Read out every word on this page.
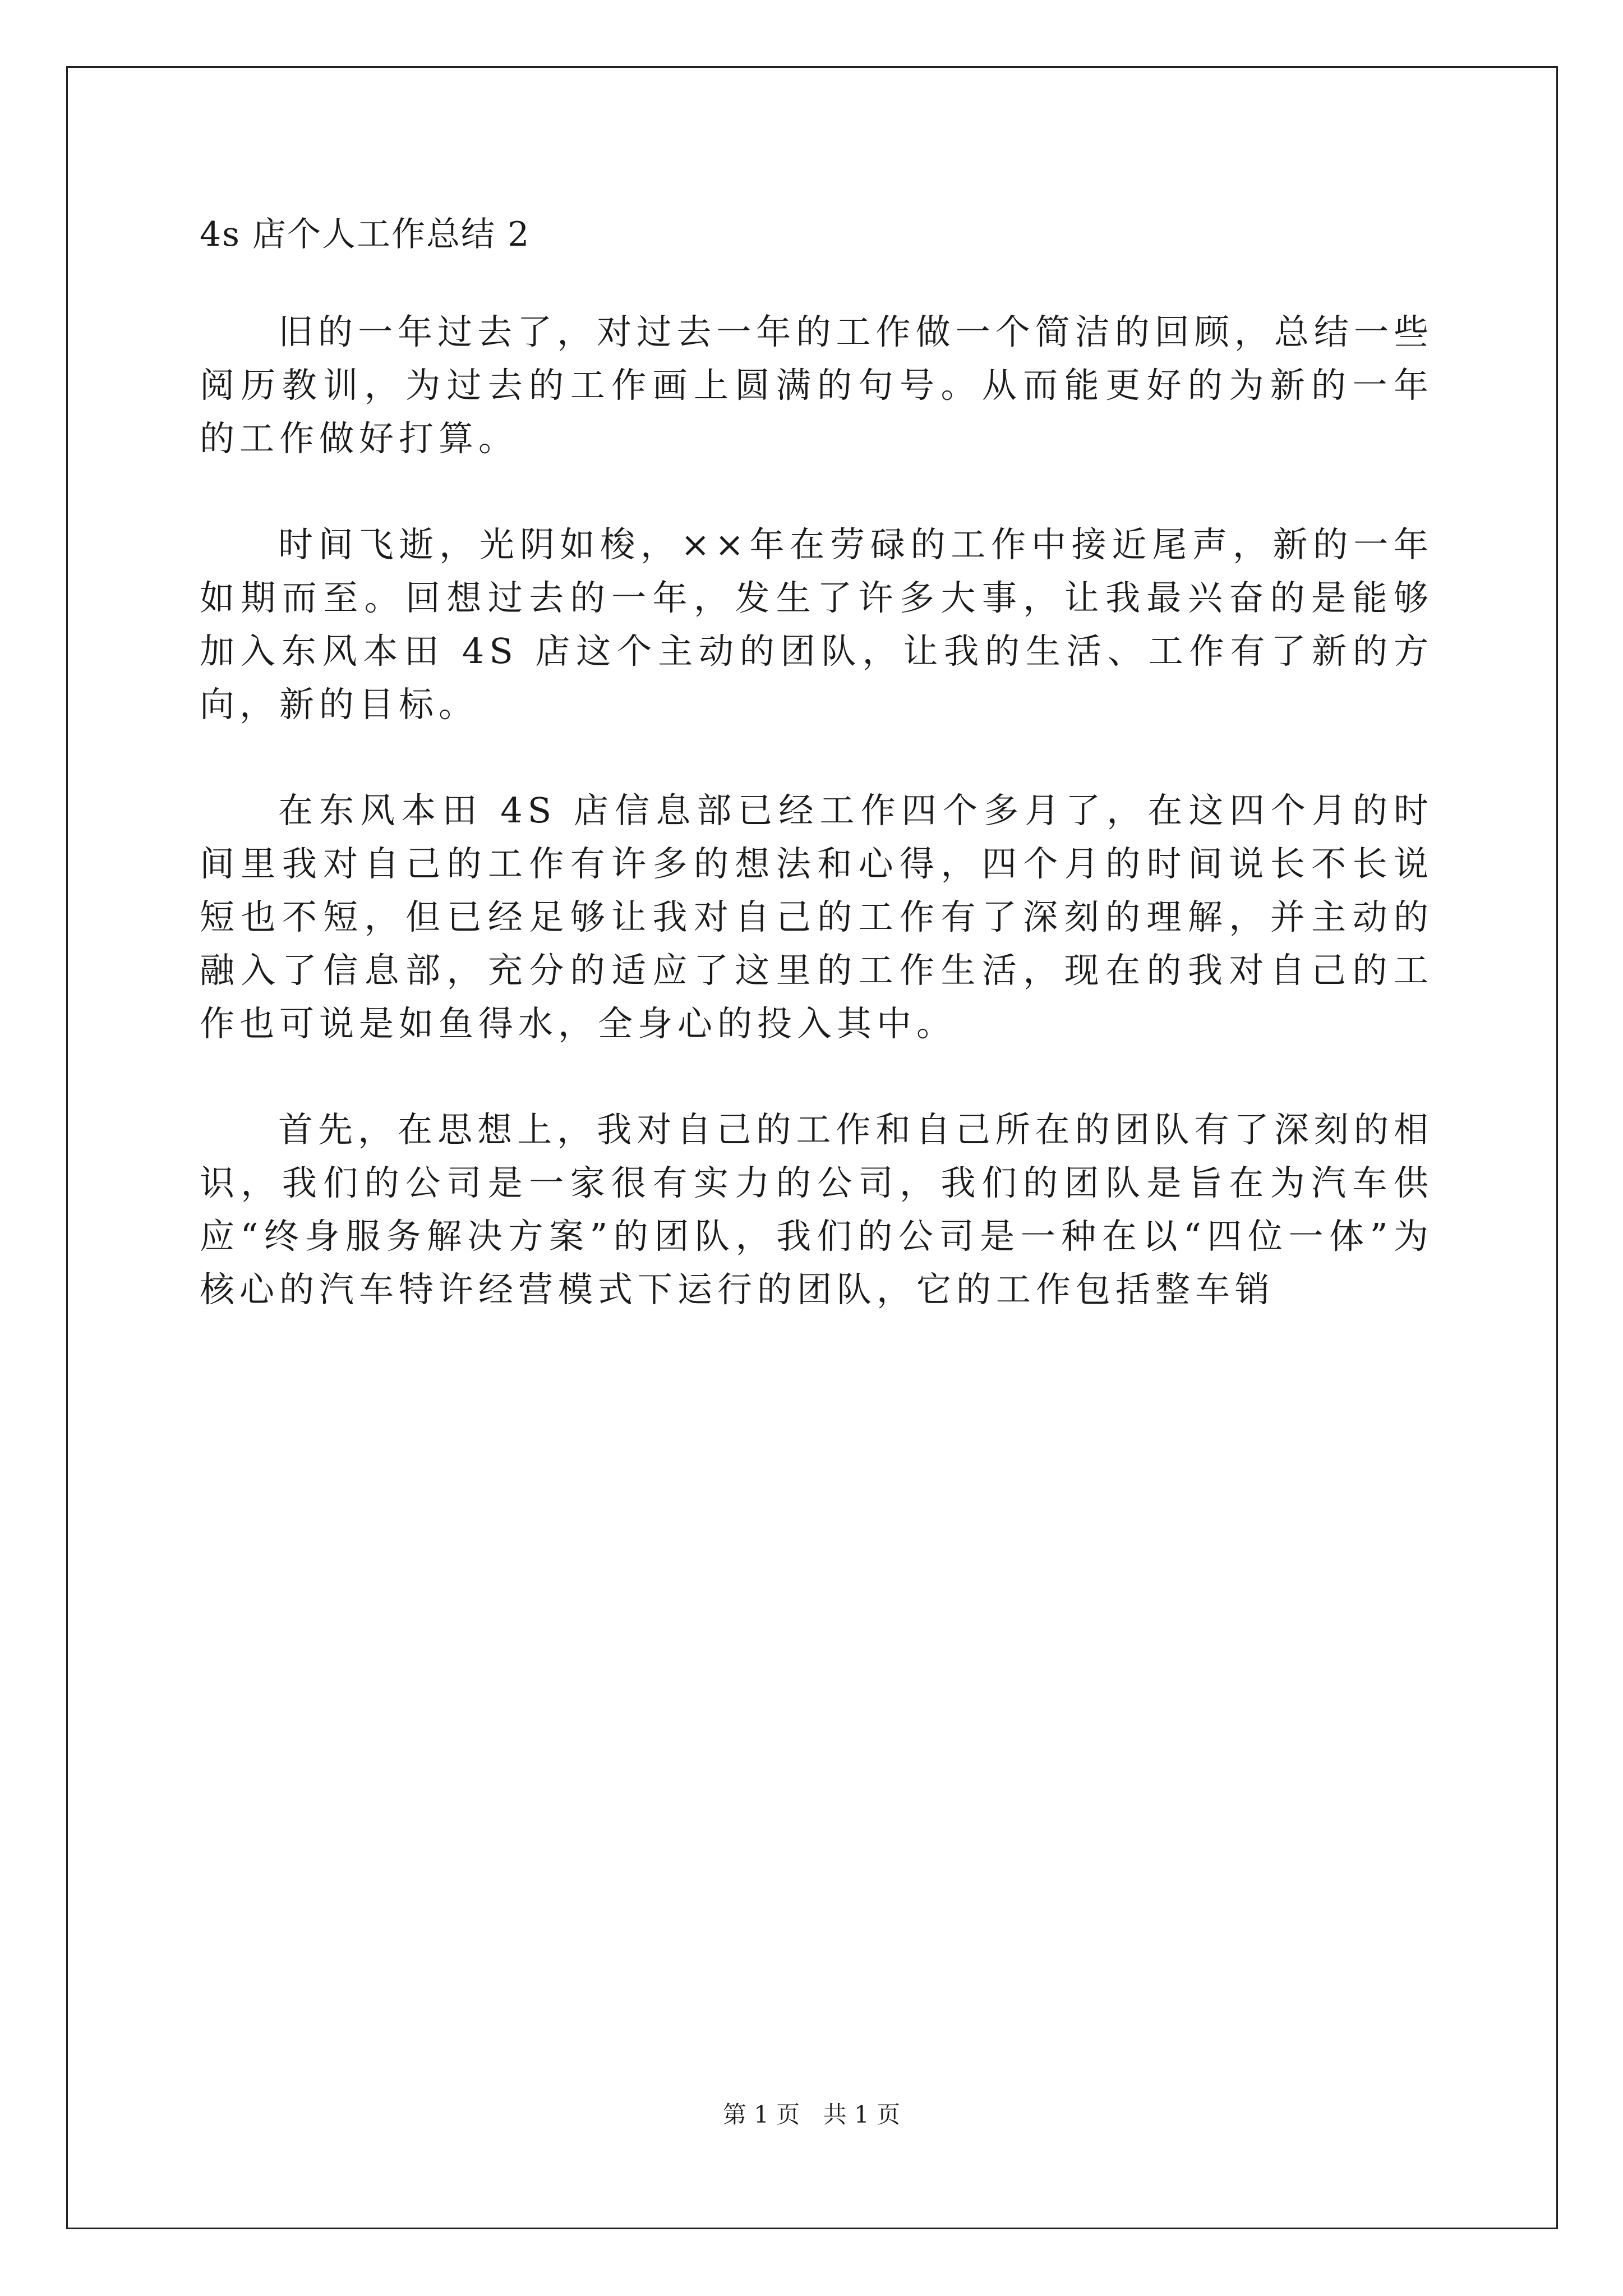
4s 店个人工作总结 2

旧的一年过去了，对过去一年的工作做一个简洁的回顾，总结一些阅历教训，为过去的工作画上圆满的句号。从而能更好的为新的一年的工作做好打算。

时间飞逝，光阴如梭，××年在劳碌的工作中接近尾声，新的一年如期而至。回想过去的一年，发生了许多大事，让我最兴奋的是能够加入东风本田 4S 店这个主动的团队，让我的生活、工作有了新的方向，新的目标。

在东风本田 4S 店信息部已经工作四个多月了，在这四个月的时间里我对自己的工作有许多的想法和心得，四个月的时间说长不长说短也不短，但已经足够让我对自己的工作有了深刻的理解，并主动的融入了信息部，充分的适应了这里的工作生活，现在的我对自己的工作也可说是如鱼得水，全身心的投入其中。

首先，在思想上，我对自己的工作和自己所在的团队有了深刻的相识，我们的公司是一家很有实力的公司，我们的团队是旨在为汽车供应“终身服务解决方案”的团队，我们的公司是一种在以“四位一体”为核心的汽车特许经营模式下运行的团队，它的工作包括整车销

第 1 页 共 1 页
